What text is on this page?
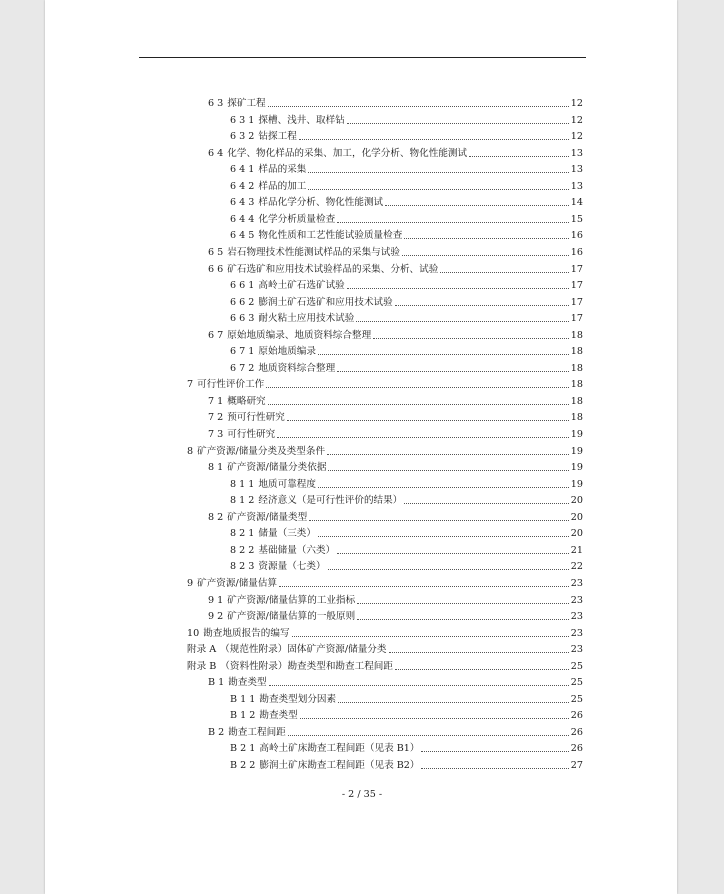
6 3 探矿工程	12
6 3 1 探槽、浅井、取样钻	12
6 3 2 钻探工程	12
6 4 化学、物化样品的采集、加工，化学分析、物化性能测试	13
6 4 1 样品的采集	13
6 4 2 样品的加工	13
6 4 3 样品化学分析、物化性能测试	14
6 4 4 化学分析质量检查	15
6 4 5 物化性质和工艺性能试验质量检查	16
6 5 岩石物理技术性能测试样品的采集与试验	16
6 6 矿石选矿和应用技术试验样品的采集、分析、试验	17
6 6 1 高岭土矿石选矿试验	17
6 6 2 膨润土矿石选矿和应用技术试验	17
6 6 3 耐火粘土应用技术试验	17
6 7 原始地质编录、地质资料综合整理	18
6 7 1 原始地质编录	18
6 7 2 地质资料综合整理	18
7 可行性评价工作	18
7 1 概略研究	18
7 2 预可行性研究	18
7 3 可行性研究	19
8 矿产资源/储量分类及类型条件	19
8 1 矿产资源/储量分类依据	19
8 1 1 地质可靠程度	19
8 1 2 经济意义（是可行性评价的结果）	20
8 2 矿产资源/储量类型	20
8 2 1 储量（三类）	20
8 2 2 基础储量（六类）	21
8 2 3 资源量（七类）	22
9 矿产资源/储量估算	23
9 1 矿产资源/储量估算的工业指标	23
9 2 矿产资源/储量估算的一般原则	23
10 勘查地质报告的编写	23
附录 A （规范性附录）固体矿产资源/储量分类	23
附录 B （资料性附录）勘查类型和勘查工程间距	25
B 1 勘查类型	25
B 1 1 勘查类型划分因素	25
B 1 2 勘查类型	26
B 2 勘查工程间距	26
B 2 1 高岭土矿床勘查工程间距（见表 B1）	26
B 2 2 膨润土矿床勘查工程间距（见表 B2）	27
- 2 / 35 -
